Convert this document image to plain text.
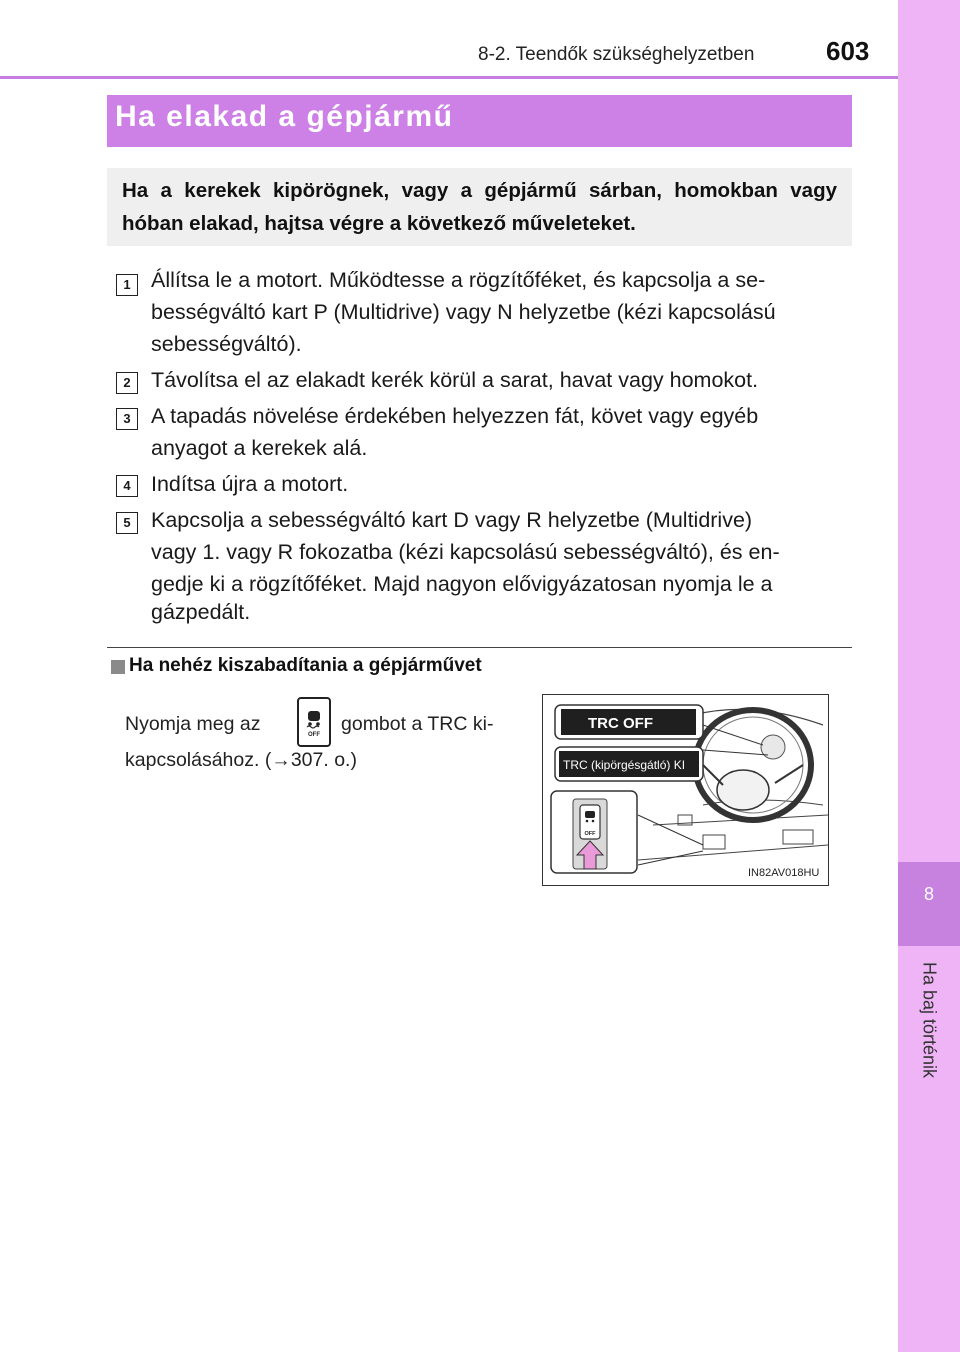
8-2. Teendők szükséghelyzetben	603
8
Ha baj történik
Ha elakad a gépjármű
Ha a kerekek kipörögnek, vagy a gépjármű sárban, homokban vagy hóban elakad, hajtsa végre a következő műveleteket.
1 Állítsa le a motort. Működtesse a rögzítőféket, és kapcsolja a se-
bességváltó kart P (Multidrive) vagy N helyzetbe (kézi kapcsolású
sebességváltó).
2 Távolítsa el az elakadt kerék körül a sarat, havat vagy homokot.
3 A tapadás növelése érdekében helyezzen fát, követ vagy egyéb
anyagot a kerekek alá.
4 Indítsa újra a motort.
5 Kapcsolja a sebességváltó kart D vagy R helyzetbe (Multidrive)
vagy 1. vagy R fokozatba (kézi kapcsolású sebességváltó), és en-
gedje ki a rögzítőféket. Majd nagyon elővigyázatosan nyomja le a
gázpedált.
Ha nehéz kiszabadítania a gépjárművet
Nyomja meg az	OFF gombot a TRC ki-
kapcsolásához. (→307. o.)
TRC OFF
TRC (kipörgésgátló) KI
OFF
IN82AV018HU
